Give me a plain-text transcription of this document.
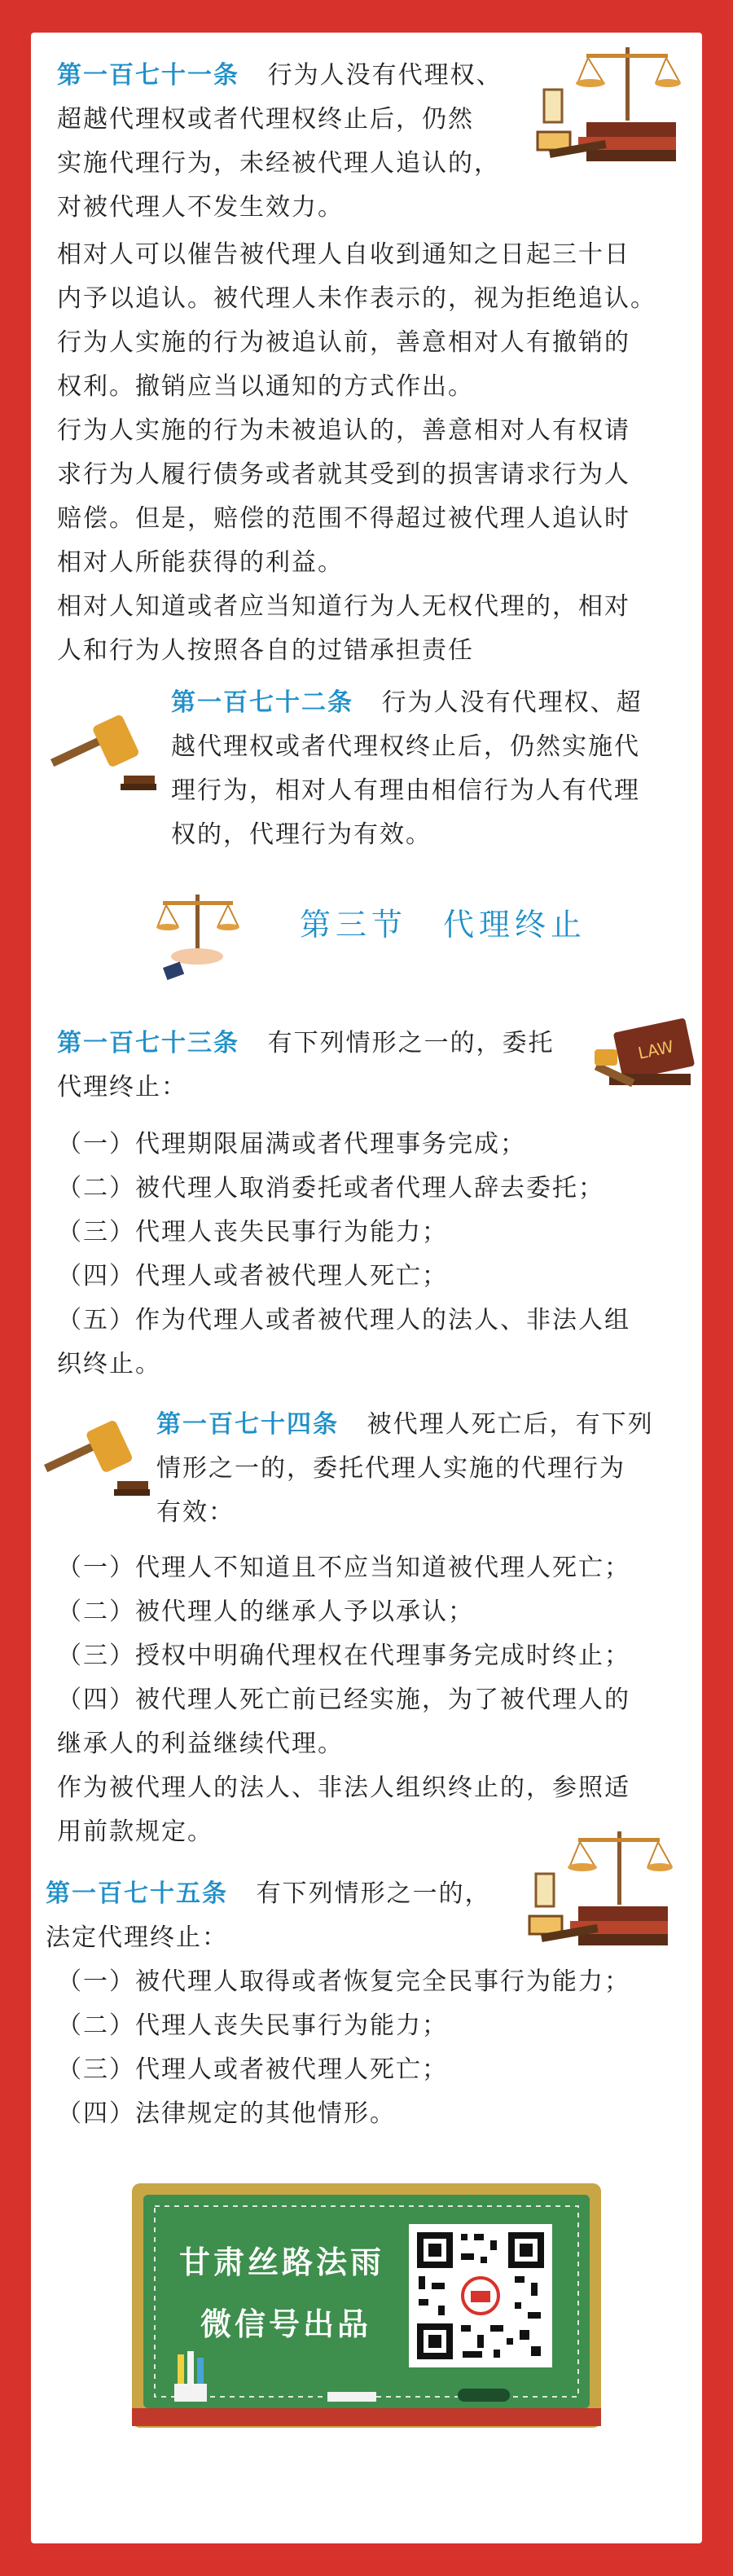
第一百七十一条 行为人没有代理权、
超越代理权或者代理权终止后，仍然
实施代理行为，未经被代理人追认的，
对被代理人不发生效力。
相对人可以催告被代理人自收到通知之日起三十日
内予以追认。被代理人未作表示的，视为拒绝追认。
行为人实施的行为被追认前，善意相对人有撤销的
权利。撤销应当以通知的方式作出。
行为人实施的行为未被追认的，善意相对人有权请
求行为人履行债务或者就其受到的损害请求行为人
赔偿。但是，赔偿的范围不得超过被代理人追认时
相对人所能获得的利益。
相对人知道或者应当知道行为人无权代理的，相对
人和行为人按照各自的过错承担责任
第一百七十二条 行为人没有代理权、超
越代理权或者代理权终止后，仍然实施代
理行为，相对人有理由相信行为人有代理
权的，代理行为有效。
第三节　代理终止
第一百七十三条 有下列情形之一的，委托
代理终止：
LAW
（一）代理期限届满或者代理事务完成；
（二）被代理人取消委托或者代理人辞去委托；
（三）代理人丧失民事行为能力；
（四）代理人或者被代理人死亡；
（五）作为代理人或者被代理人的法人、非法人组
织终止。
第一百七十四条 被代理人死亡后，有下列
情形之一的，委托代理人实施的代理行为
有效：
（一）代理人不知道且不应当知道被代理人死亡；
（二）被代理人的继承人予以承认；
（三）授权中明确代理权在代理事务完成时终止；
（四）被代理人死亡前已经实施，为了被代理人的
继承人的利益继续代理。
作为被代理人的法人、非法人组织终止的，参照适
用前款规定。
第一百七十五条 有下列情形之一的，
法定代理终止：
（一）被代理人取得或者恢复完全民事行为能力；
（二）代理人丧失民事行为能力；
（三）代理人或者被代理人死亡；
（四）法律规定的其他情形。
甘肃丝路法雨
微信号出品
